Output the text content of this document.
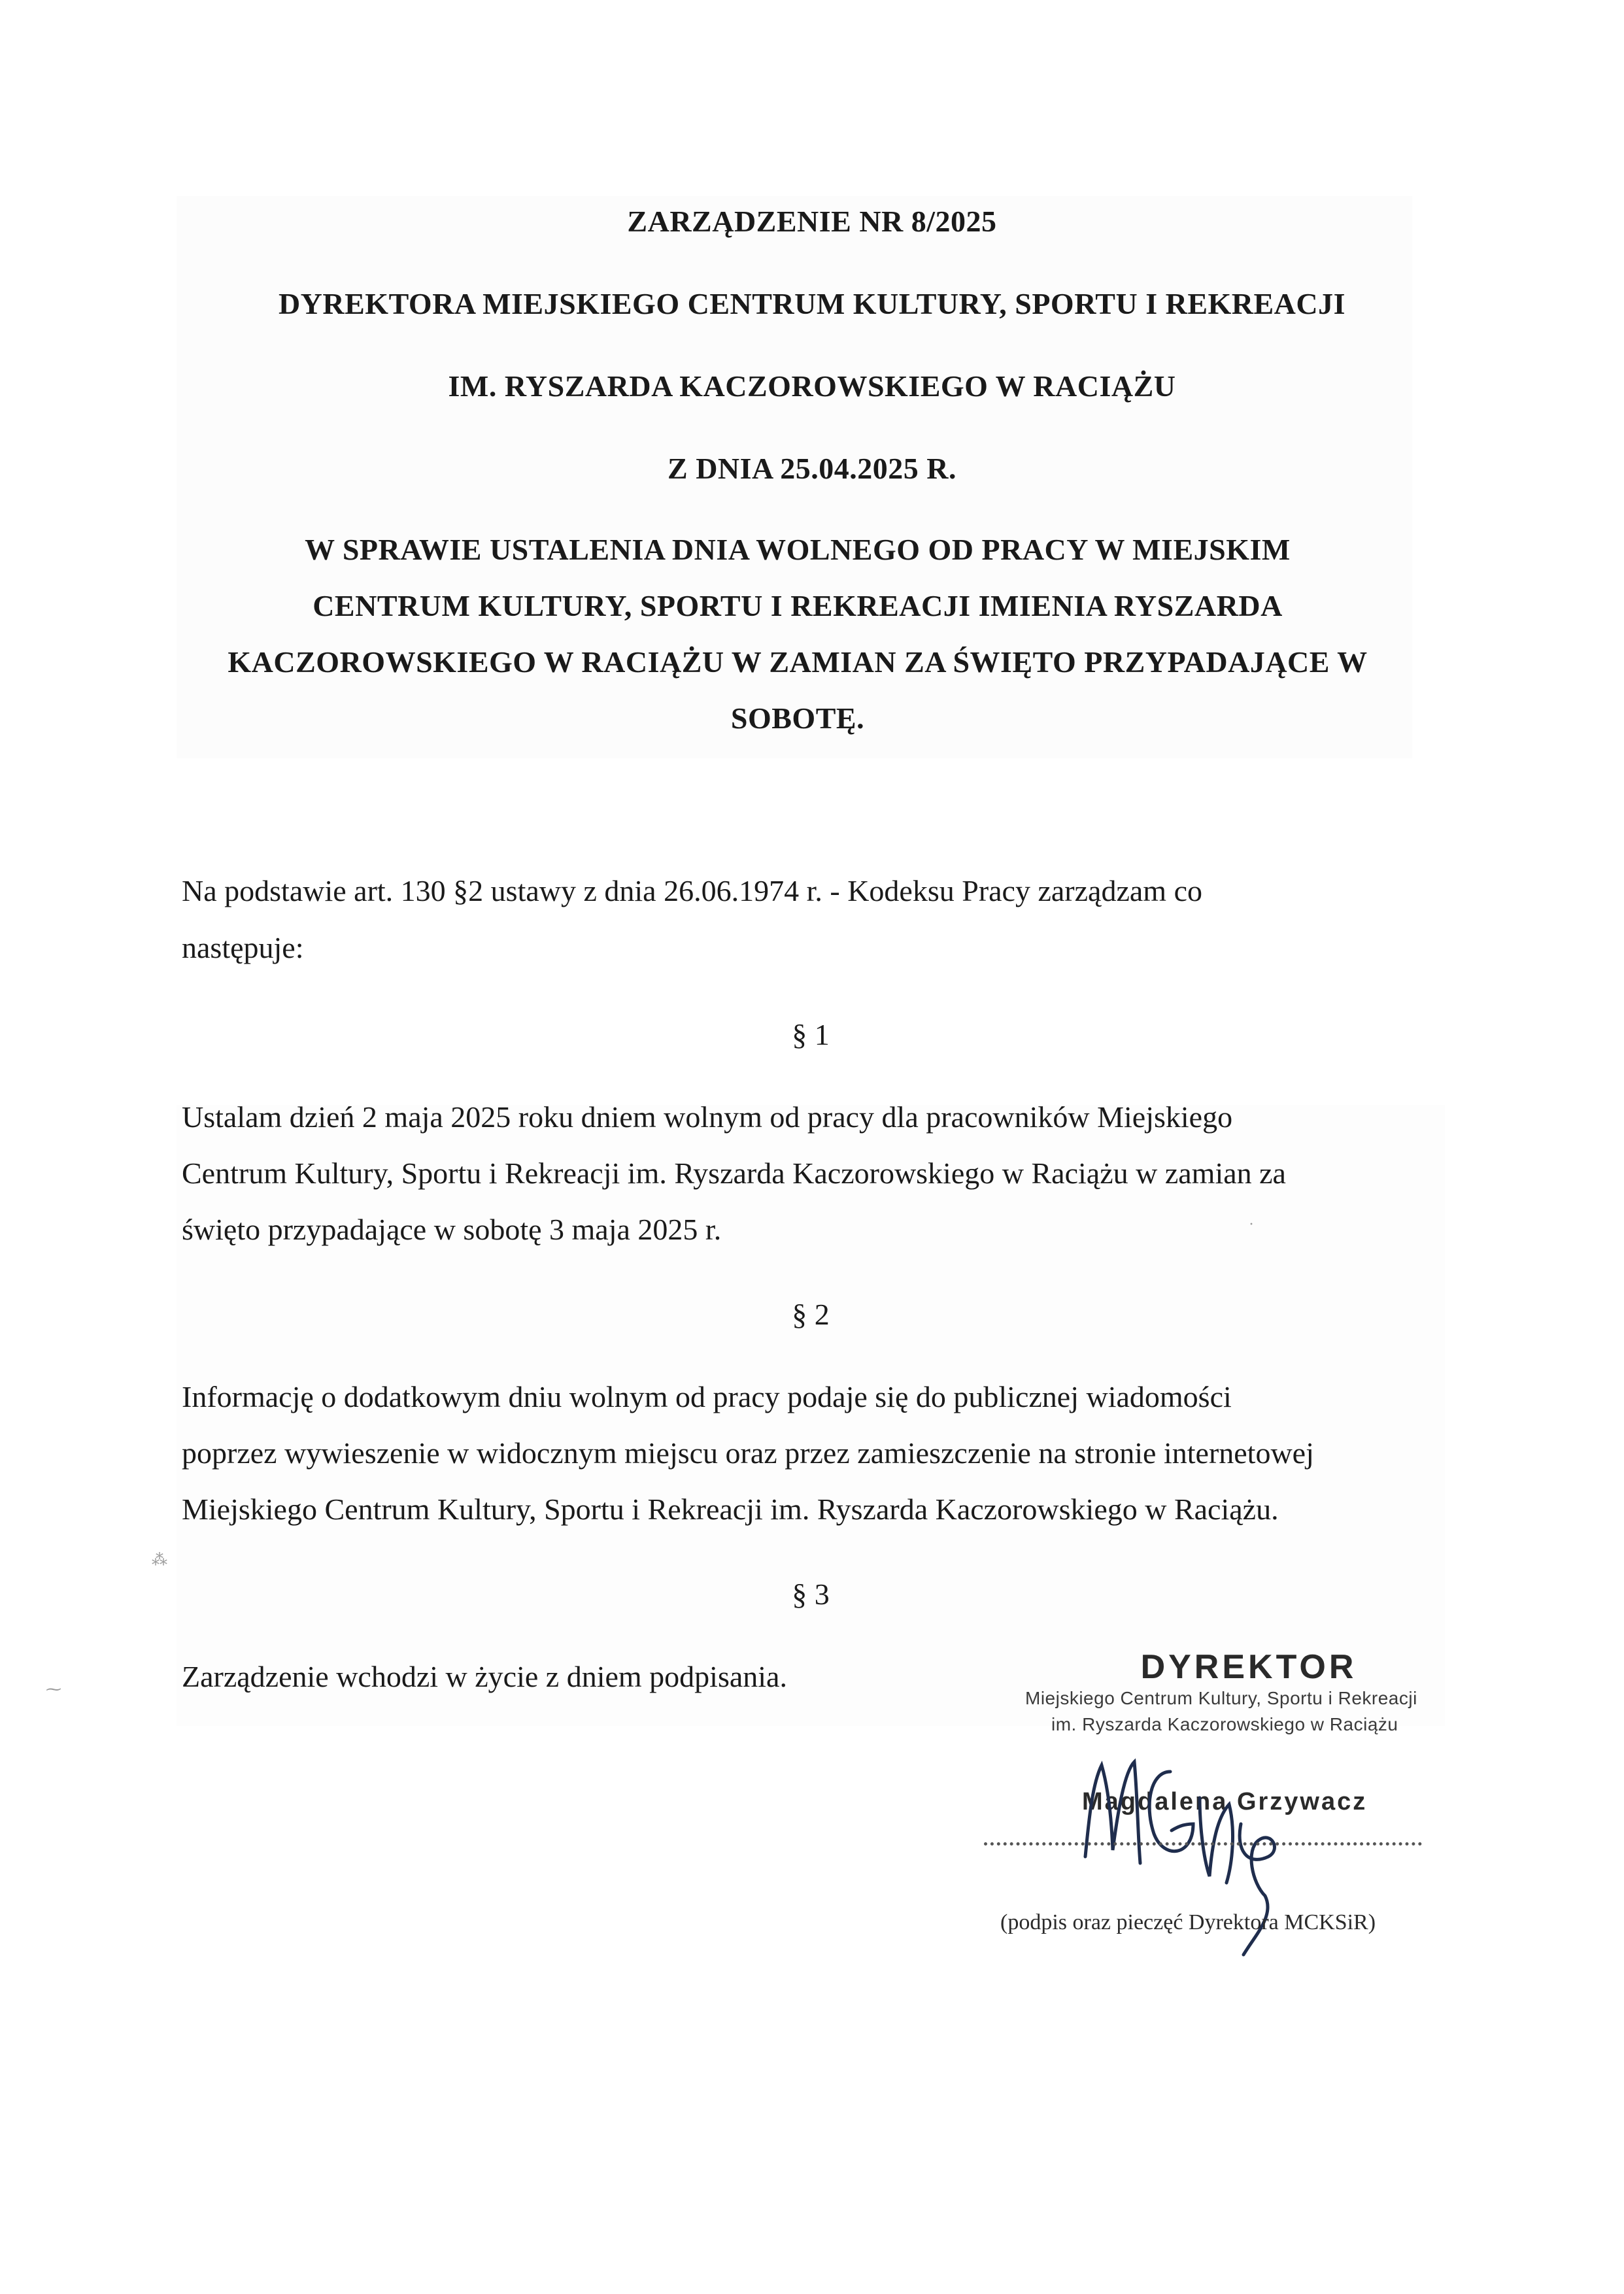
ZARZĄDZENIE NR 8/2025
DYREKTORA MIEJSKIEGO CENTRUM KULTURY, SPORTU I REKREACJI
IM. RYSZARDA KACZOROWSKIEGO W RACIĄŻU
Z DNIA 25.04.2025 R.
W SPRAWIE USTALENIA DNIA WOLNEGO OD PRACY W MIEJSKIM
CENTRUM KULTURY, SPORTU I REKREACJI IMIENIA RYSZARDA
KACZOROWSKIEGO W RACIĄŻU W ZAMIAN ZA ŚWIĘTO PRZYPADAJĄCE W
SOBOTĘ.
Na podstawie art. 130 §2 ustawy z dnia 26.06.1974 r. - Kodeksu Pracy zarządzam co
następuje:
§ 1
Ustalam dzień 2 maja 2025 roku dniem wolnym od pracy dla pracowników Miejskiego
Centrum Kultury, Sportu i Rekreacji im. Ryszarda Kaczorowskiego w Raciążu w zamian za
święto przypadające w sobotę 3 maja 2025 r.
§ 2
Informację o dodatkowym dniu wolnym od pracy podaje się do publicznej wiadomości
poprzez wywieszenie w widocznym miejscu oraz przez zamieszczenie na stronie internetowej
Miejskiego Centrum Kultury, Sportu i Rekreacji im. Ryszarda Kaczorowskiego w Raciążu.
§ 3
Zarządzenie wchodzi w życie z dniem podpisania.	DYREKTOR
Miejskiego Centrum Kultury, Sportu i Rekreacji
im. Ryszarda Kaczorowskiego w Raciążu
Magdalena Grzywacz
(podpis oraz pieczęć Dyrektora MCKSiR)
⁂
⁓
·
